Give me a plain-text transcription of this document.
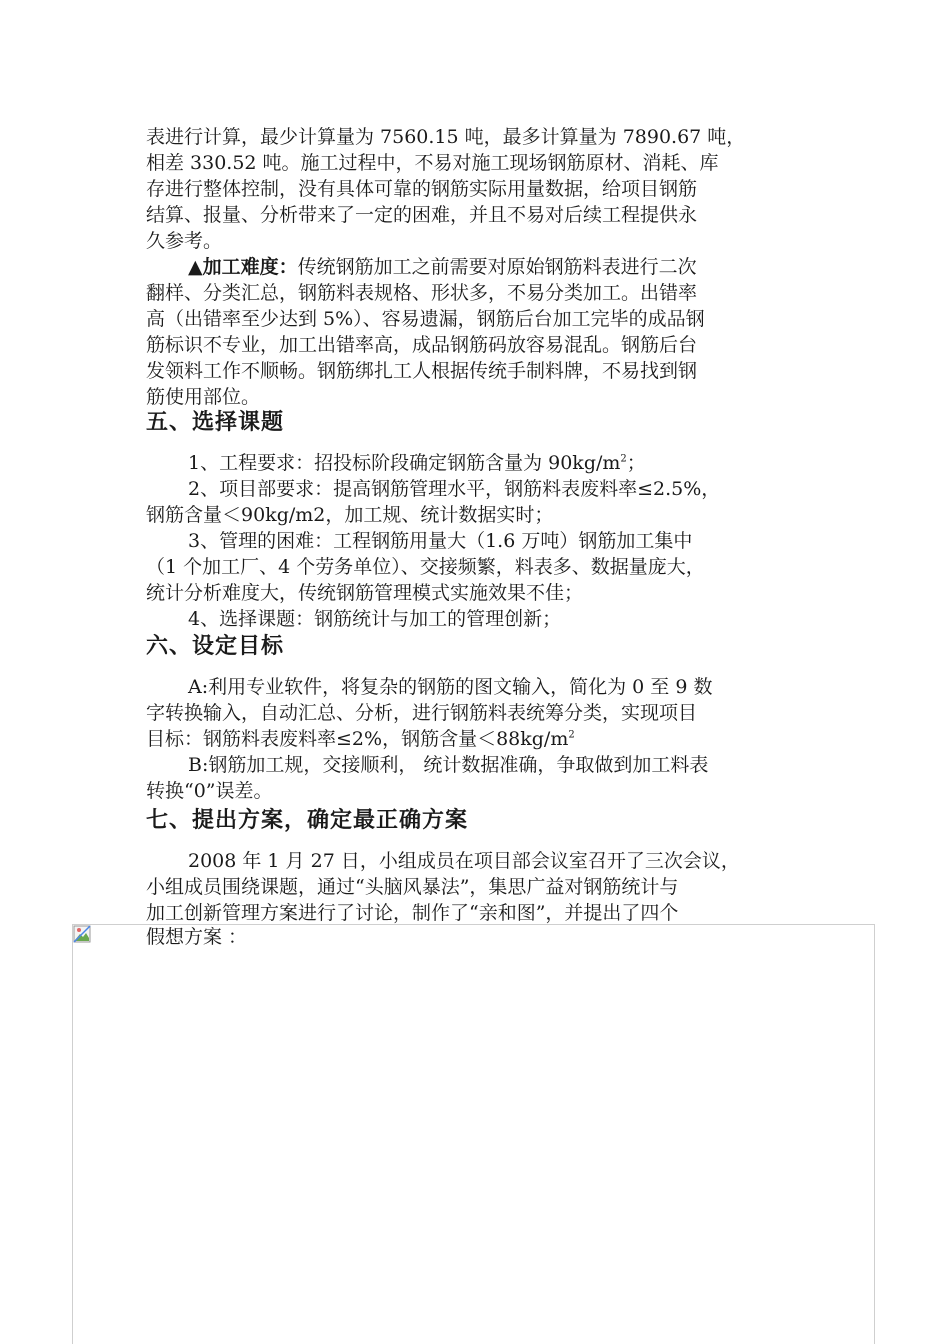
表进行计算，最少计算量为 7560.15 吨，最多计算量为 7890.67 吨，
相差 330.52 吨。施工过程中，不易对施工现场钢筋原材、消耗、库
存进行整体控制，没有具体可靠的钢筋实际用量数据，给项目钢筋
结算、报量、分析带来了一定的困难，并且不易对后续工程提供永
久参考。
▲加工难度：传统钢筋加工之前需要对原始钢筋料表进行二次
翻样、分类汇总，钢筋料表规格、形状多，不易分类加工。出错率
高（出错率至少达到 5%）、容易遗漏，钢筋后台加工完毕的成品钢
筋标识不专业，加工出错率高，成品钢筋码放容易混乱。钢筋后台
发领料工作不顺畅。钢筋绑扎工人根据传统手制料牌，不易找到钢
筋使用部位。
五、选择课题
1、工程要求：招投标阶段确定钢筋含量为 $90kg/m^2$；
2、项目部要求：提高钢筋管理水平，钢筋料表废料率≤2.5%，
钢筋含量＜90kg/m2，加工规、统计数据实时；
3、管理的困难：工程钢筋用量大（1.6 万吨）钢筋加工集中
（1 个加工厂、4 个劳务单位）、交接频繁，料表多、数据量庞大，
统计分析难度大，传统钢筋管理模式实施效果不佳；
4、选择课题：钢筋统计与加工的管理创新；
六、设定目标
A:利用专业软件，将复杂的钢筋的图文输入，简化为 0 至 9 数
字转换输入，自动汇总、分析，进行钢筋料表统筹分类，实现项目
目标：钢筋料表废料率≤2%，钢筋含量$<88kg/m^2$
B:钢筋加工规，交接顺利， 统计数据准确，争取做到加工料表
转换“0”误差。
七、提出方案，确定最正确方案
2008 年 1 月 27 日，小组成员在项目部会议室召开了三次会议，
小组成员围绕课题，通过“头脑风暴法”，集思广益对钢筋统计与
加工创新管理方案进行了讨论，制作了“亲和图”，并提出了四个
假想方案 ：
